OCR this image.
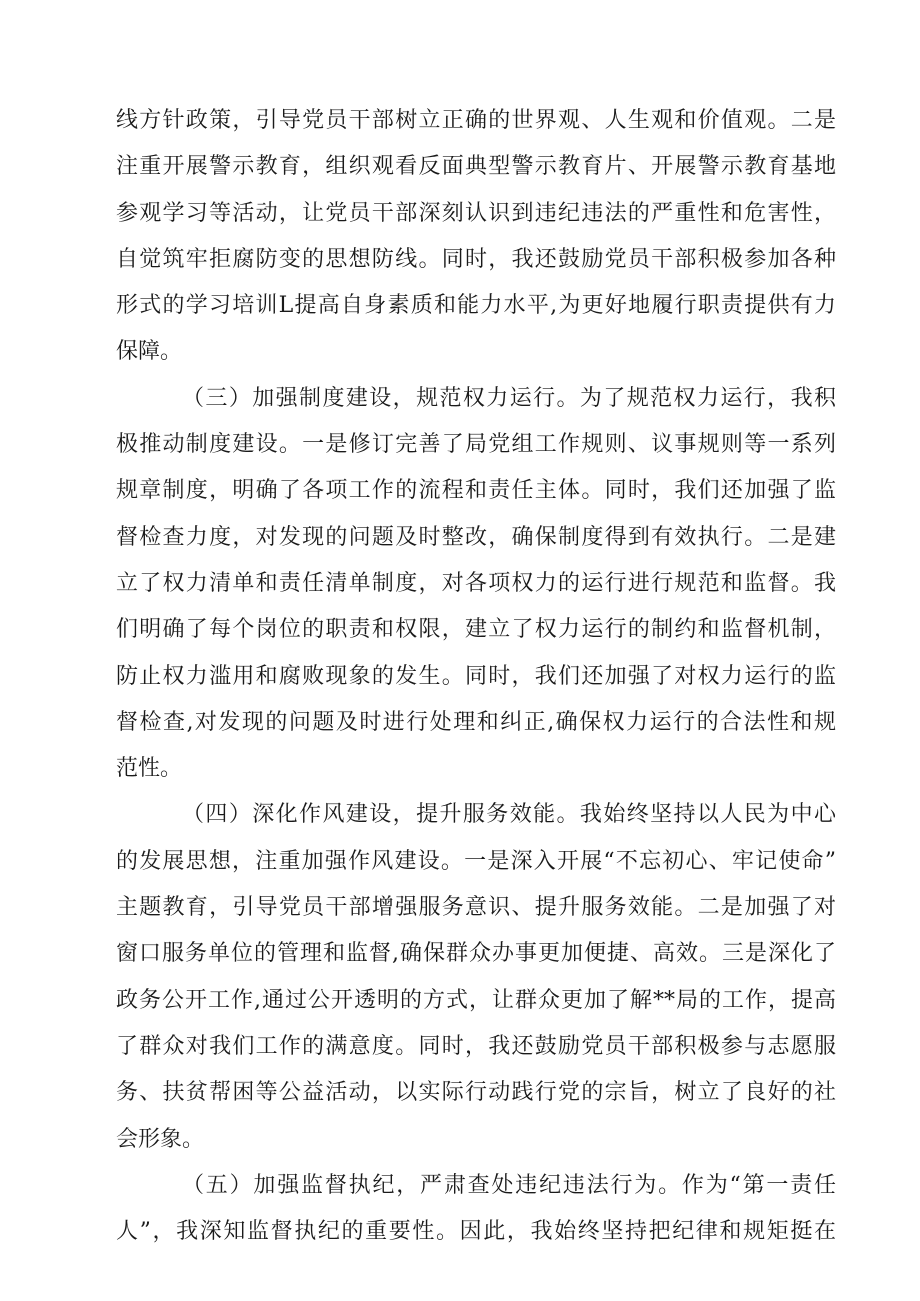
线方针政策，引导党员干部树立正确的世界观、人生观和价值观。二是
注重开展警示教育，组织观看反面典型警示教育片、开展警示教育基地
参观学习等活动，让党员干部深刻认识到违纪违法的严重性和危害性，
自觉筑牢拒腐防变的思想防线。同时，我还鼓励党员干部积极参加各种
形式的学习培训L提高自身素质和能力水平,为更好地履行职责提供有力
保障。
（三）加强制度建设，规范权力运行。为了规范权力运行，我积
极推动制度建设。一是修订完善了局党组工作规则、议事规则等一系列
规章制度，明确了各项工作的流程和责任主体。同时，我们还加强了监
督检查力度，对发现的问题及时整改，确保制度得到有效执行。二是建
立了权力清单和责任清单制度，对各项权力的运行进行规范和监督。我
们明确了每个岗位的职责和权限，建立了权力运行的制约和监督机制，
防止权力滥用和腐败现象的发生。同时，我们还加强了对权力运行的监
督检查,对发现的问题及时进行处理和纠正,确保权力运行的合法性和规
范性。
（四）深化作风建设，提升服务效能。我始终坚持以人民为中心
的发展思想，注重加强作风建设。一是深入开展“不忘初心、牢记使命”
主题教育，引导党员干部增强服务意识、提升服务效能。二是加强了对
窗口服务单位的管理和监督,确保群众办事更加便捷、高效。三是深化了
政务公开工作,通过公开透明的方式，让群众更加了解**局的工作，提高
了群众对我们工作的满意度。同时，我还鼓励党员干部积极参与志愿服
务、扶贫帮困等公益活动，以实际行动践行党的宗旨，树立了良好的社
会形象。
（五）加强监督执纪，严肃查处违纪违法行为。作为“第一责任
人”，我深知监督执纪的重要性。因此，我始终坚持把纪律和规矩挺在
